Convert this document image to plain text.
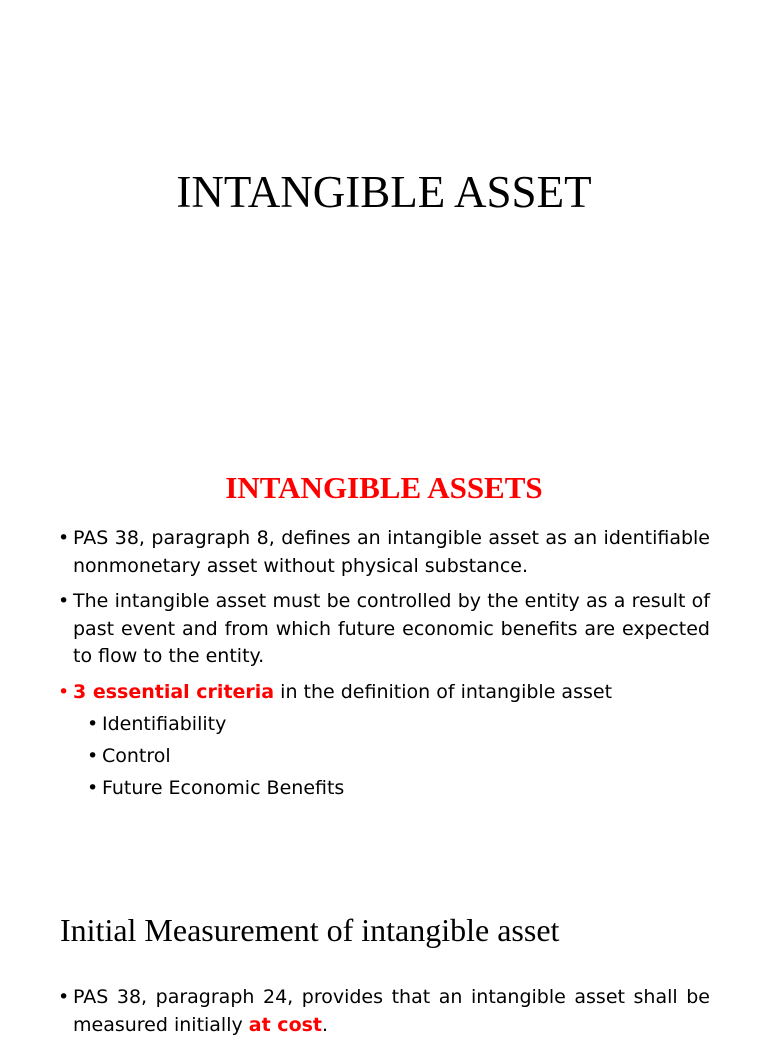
INTANGIBLE ASSET
INTANGIBLE ASSETS
• PAS 38, paragraph 8, defines an intangible asset as an identifiable nonmonetary asset without physical substance.
• The intangible asset must be controlled by the entity as a result of past event and from which future economic benefits are expected to flow to the entity.
• 3 essential criteria in the definition of intangible asset
• Identifiability
• Control
• Future Economic Benefits
Initial Measurement of intangible asset
• PAS 38, paragraph 24, provides that an intangible asset shall be measured initially at cost.
